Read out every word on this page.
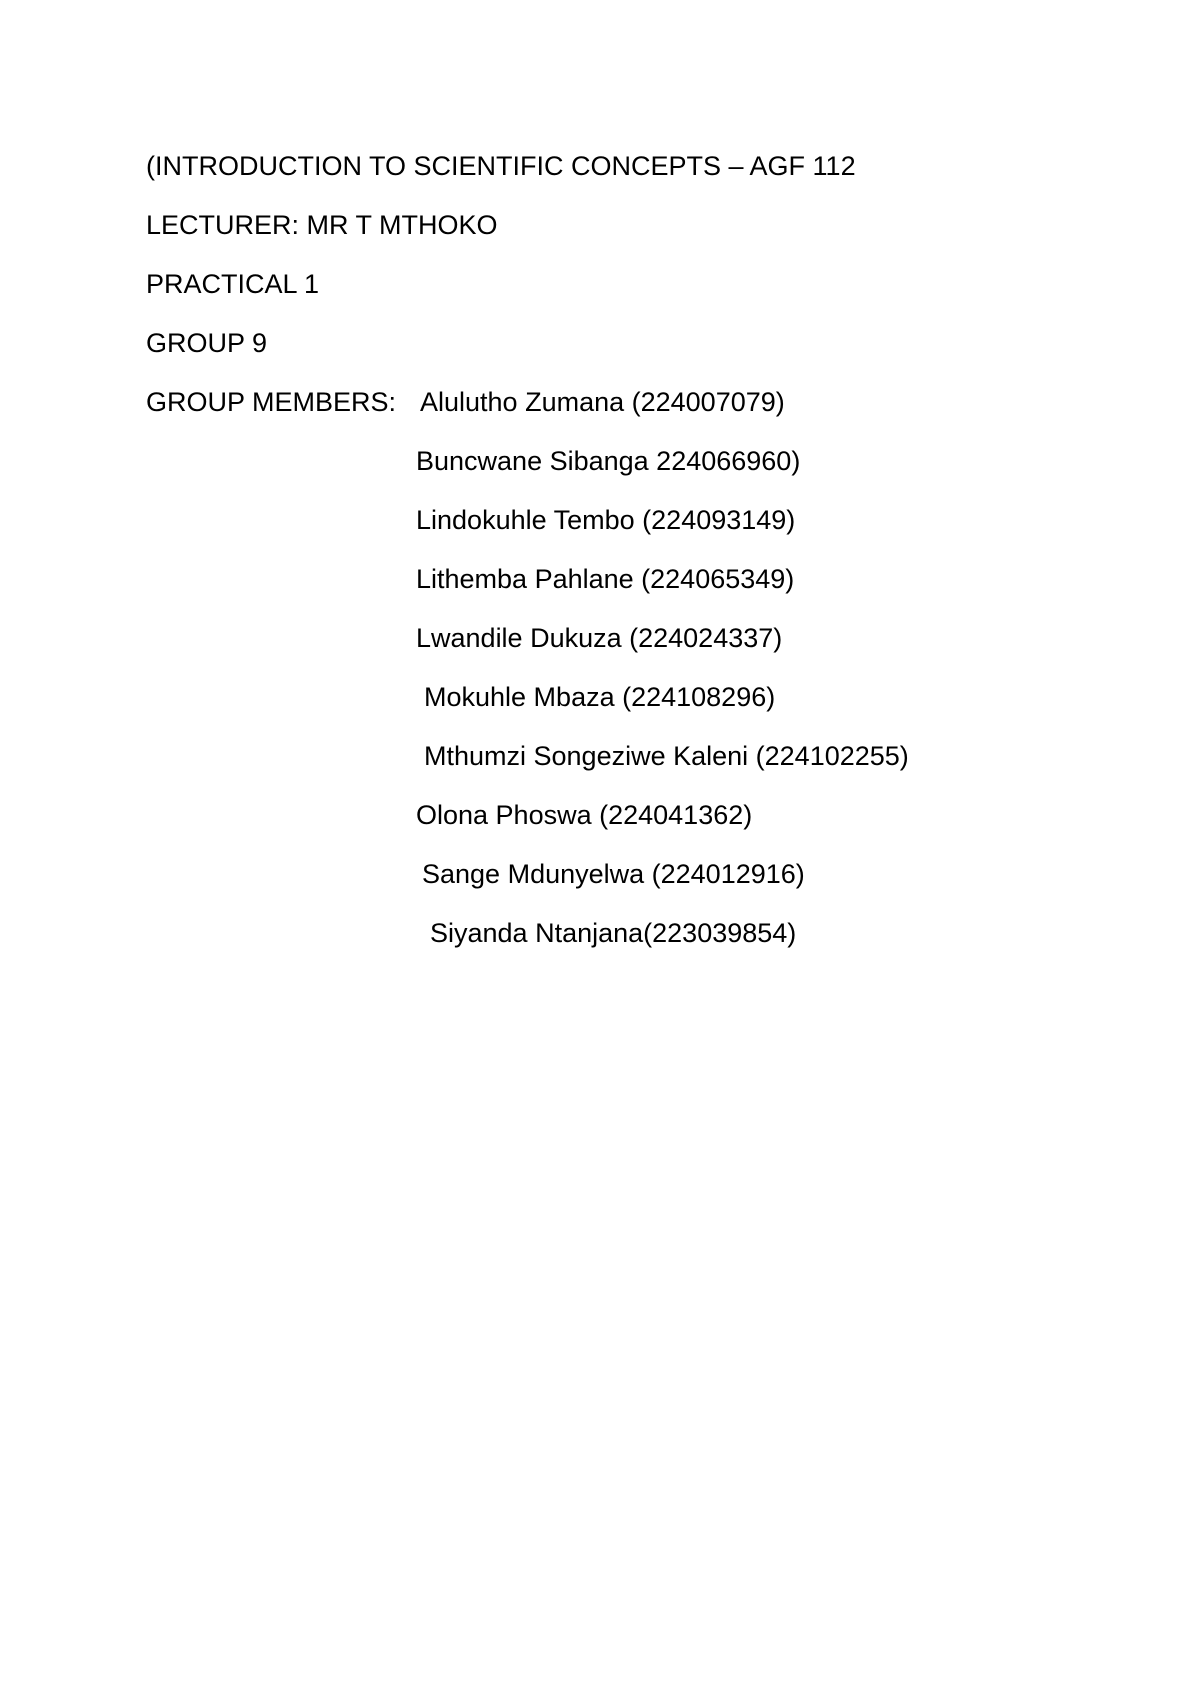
(INTRODUCTION TO SCIENTIFIC CONCEPTS – AGF 112
LECTURER: MR T MTHOKO
PRACTICAL 1
GROUP 9
GROUP MEMBERS: Alulutho Zumana (224007079)
Buncwane Sibanga 224066960)
Lindokuhle Tembo (224093149)
Lithemba Pahlane (224065349)
Lwandile Dukuza (224024337)
Mokuhle Mbaza (224108296)
Mthumzi Songeziwe Kaleni (224102255)
Olona Phoswa (224041362)
Sange Mdunyelwa (224012916)
Siyanda Ntanjana(223039854)
